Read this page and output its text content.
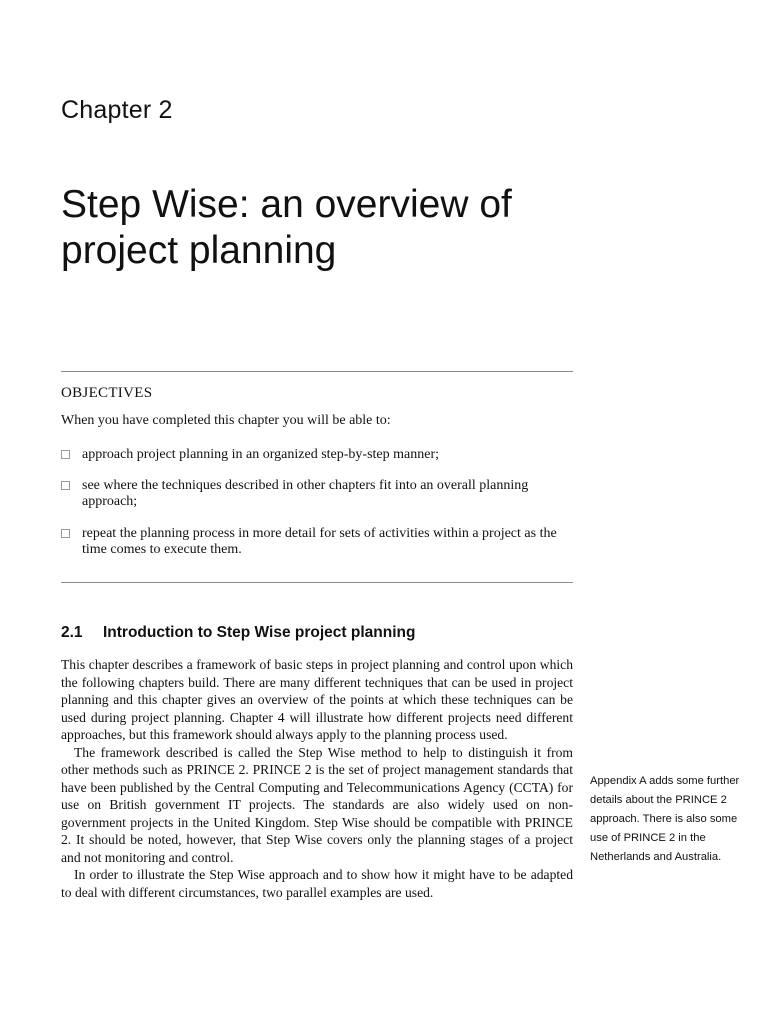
Chapter 2
Step Wise: an overview of project planning
OBJECTIVES
When you have completed this chapter you will be able to:
approach project planning in an organized step-by-step manner;
see where the techniques described in other chapters fit into an overall planning approach;
repeat the planning process in more detail for sets of activities within a project as the time comes to execute them.
2.1 Introduction to Step Wise project planning

This chapter describes a framework of basic steps in project planning and control upon which the following chapters build. There are many different techniques that can be used in project planning and this chapter gives an overview of the points at which these techniques can be used during project planning. Chapter 4 will illustrate how different projects need different approaches, but this framework should always apply to the planning process used.

The framework described is called the Step Wise method to help to distinguish it from other methods such as PRINCE 2. PRINCE 2 is the set of project management standards that have been published by the Central Computing and Telecommunications Agency (CCTA) for use on British government IT projects. The standards are also widely used on non-government projects in the United Kingdom. Step Wise should be compatible with PRINCE 2. It should be noted, however, that Step Wise covers only the planning stages of a project and not monitoring and control.

In order to illustrate the Step Wise approach and to show how it might have to be adapted to deal with different circumstances, two parallel examples are used.

Appendix A adds some further details about the PRINCE 2 approach. There is also some use of PRINCE 2 in the Netherlands and Australia.
